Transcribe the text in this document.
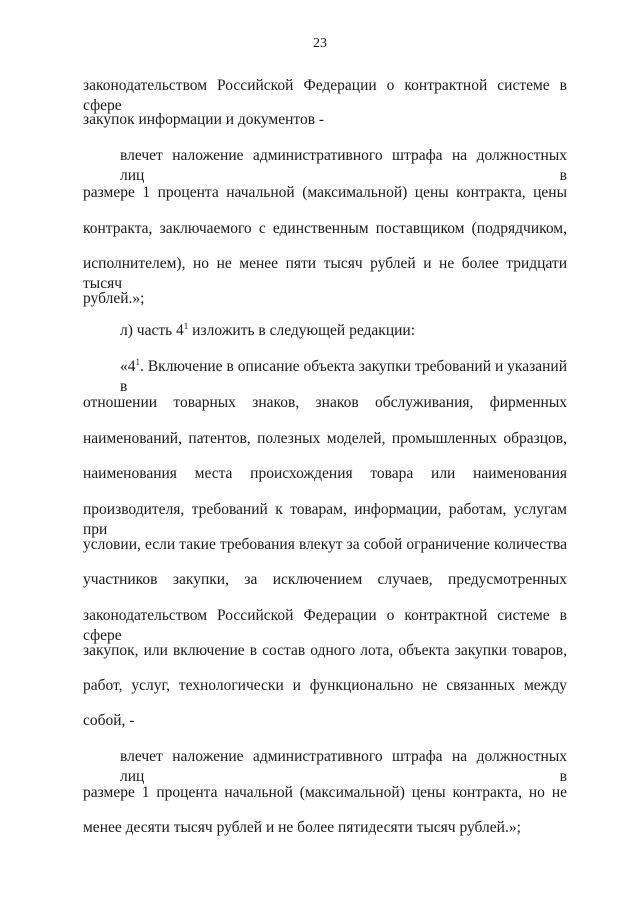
23
законодательством Российской Федерации о контрактной системе в сфере
закупок информации и документов -
влечет наложение административного штрафа на должностных лиц в
размере 1 процента начальной (максимальной) цены контракта, цены
контракта, заключаемого с единственным поставщиком (подрядчиком,
исполнителем), но не менее пяти тысяч рублей и не более тридцати тысяч
рублей.»;
л) часть $4^1$ изложить в следующей редакции:
«$4^1$. Включение в описание объекта закупки требований и указаний в
отношении товарных знаков, знаков обслуживания, фирменных
наименований, патентов, полезных моделей, промышленных образцов,
наименования места происхождения товара или наименования
производителя, требований к товарам, информации, работам, услугам при
условии, если такие требования влекут за собой ограничение количества
участников закупки, за исключением случаев, предусмотренных
законодательством Российской Федерации о контрактной системе в сфере
закупок, или включение в состав одного лота, объекта закупки товаров,
работ, услуг, технологически и функционально не связанных между
собой, -
влечет наложение административного штрафа на должностных лиц в
размере 1 процента начальной (максимальной) цены контракта, но не
менее десяти тысяч рублей и не более пятидесяти тысяч рублей.»;
